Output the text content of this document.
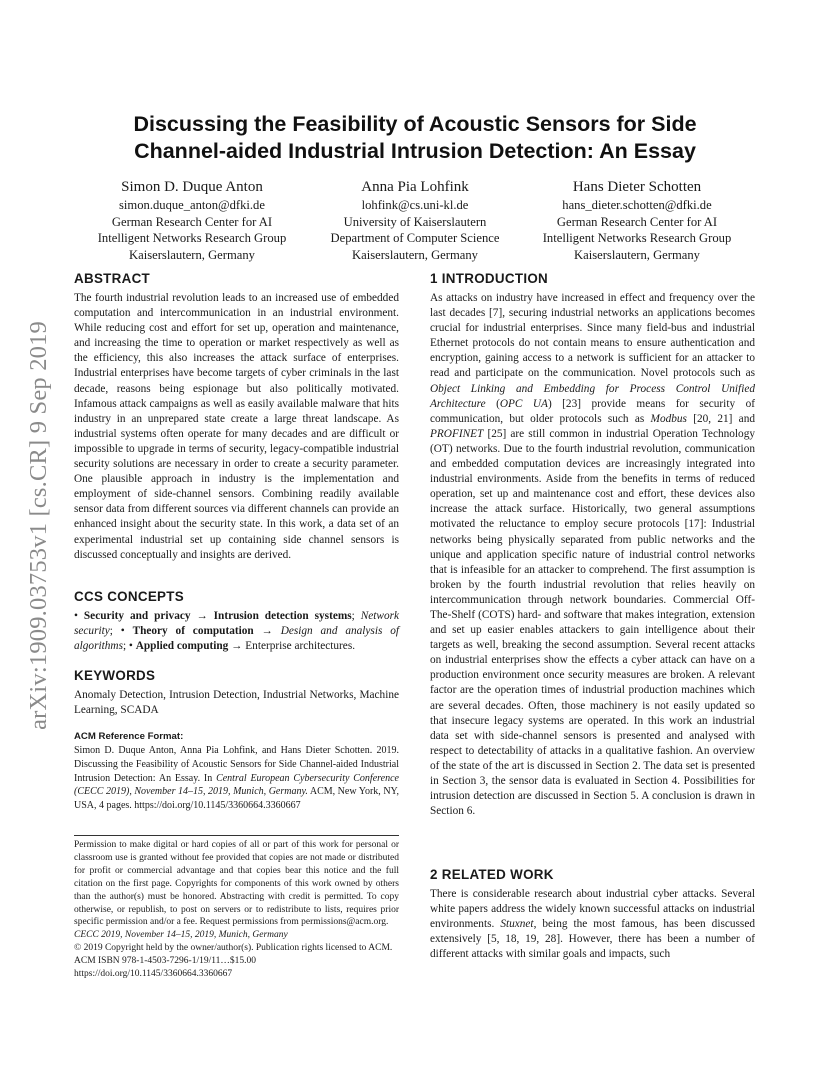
arXiv:1909.03753v1 [cs.CR] 9 Sep 2019
Discussing the Feasibility of Acoustic Sensors for Side
Channel-aided Industrial Intrusion Detection: An Essay
Simon D. Duque Anton
simon.duque_anton@dfki.de
German Research Center for AI
Intelligent Networks Research Group
Kaiserslautern, Germany
Anna Pia Lohfink
lohfink@cs.uni-kl.de
University of Kaiserslautern
Department of Computer Science
Kaiserslautern, Germany
Hans Dieter Schotten
hans_dieter.schotten@dfki.de
German Research Center for AI
Intelligent Networks Research Group
Kaiserslautern, Germany
ABSTRACT

The fourth industrial revolution leads to an increased use of embedded computation and intercommunication in an industrial environment. While reducing cost and effort for set up, operation and maintenance, and increasing the time to operation or market respectively as well as the efficiency, this also increases the attack surface of enterprises. Industrial enterprises have become targets of cyber criminals in the last decade, reasons being espionage but also politically motivated. Infamous attack campaigns as well as easily available malware that hits industry in an unprepared state create a large threat landscape. As industrial systems often operate for many decades and are difficult or impossible to upgrade in terms of security, legacy-compatible industrial security solutions are necessary in order to create a security parameter. One plausible approach in industry is the implementation and employment of side-channel sensors. Combining readily available sensor data from different sources via different channels can provide an enhanced insight about the security state. In this work, a data set of an experimental industrial set up containing side channel sensors is discussed conceptually and insights are derived.

CCS CONCEPTS

• Security and privacy → Intrusion detection systems; Network security; • Theory of computation → Design and analysis of algorithms; • Applied computing → Enterprise architectures.

KEYWORDS

Anomaly Detection, Intrusion Detection, Industrial Networks, Machine Learning, SCADA

ACM Reference Format:

Simon D. Duque Anton, Anna Pia Lohfink, and Hans Dieter Schotten. 2019. Discussing the Feasibility of Acoustic Sensors for Side Channel-aided Industrial Intrusion Detection: An Essay. In Central European Cybersecurity Conference (CECC 2019), November 14–15, 2019, Munich, Germany. ACM, New York, NY, USA, 4 pages. https://doi.org/10.1145/3360664.3360667

Permission to make digital or hard copies of all or part of this work for personal or classroom use is granted without fee provided that copies are not made or distributed for profit or commercial advantage and that copies bear this notice and the full citation on the first page. Copyrights for components of this work owned by others than the author(s) must be honored. Abstracting with credit is permitted. To copy otherwise, or republish, to post on servers or to redistribute to lists, requires prior specific permission and/or a fee. Request permissions from permissions@acm.org.
CECC 2019, November 14–15, 2019, Munich, Germany
© 2019 Copyright held by the owner/author(s). Publication rights licensed to ACM.
ACM ISBN 978-1-4503-7296-1/19/11…$15.00
https://doi.org/10.1145/3360664.3360667
1 INTRODUCTION

As attacks on industry have increased in effect and frequency over the last decades [7], securing industrial networks an applications becomes crucial for industrial enterprises. Since many field-bus and industrial Ethernet protocols do not contain means to ensure authentication and encryption, gaining access to a network is sufficient for an attacker to read and participate on the communication. Novel protocols such as Object Linking and Embedding for Process Control Unified Architecture (OPC UA) [23] provide means for security of communication, but older protocols such as Modbus [20, 21] and PROFINET [25] are still common in industrial Operation Technology (OT) networks. Due to the fourth industrial revolution, communication and embedded computation devices are increasingly integrated into industrial environments. Aside from the benefits in terms of reduced operation, set up and maintenance cost and effort, these devices also increase the attack surface. Historically, two general assumptions motivated the reluctance to employ secure protocols [17]: Industrial networks being physically separated from public networks and the unique and application specific nature of industrial control networks that is infeasible for an attacker to comprehend. The first assumption is broken by the fourth industrial revolution that relies heavily on intercommunication through network boundaries. Commercial Off-The-Shelf (COTS) hard- and software that makes integration, extension and set up easier enables attackers to gain intelligence about their targets as well, breaking the second assumption. Several recent attacks on industrial enterprises show the effects a cyber attack can have on a production environment once security measures are broken. A relevant factor are the operation times of industrial production machines which are several decades. Often, those machinery is not easily updated so that insecure legacy systems are operated. In this work an industrial data set with side-channel sensors is presented and analysed with respect to detectability of attacks in a qualitative fashion. An overview of the state of the art is discussed in Section 2. The data set is presented in Section 3, the sensor data is evaluated in Section 4. Possibilities for intrusion detection are discussed in Section 5. A conclusion is drawn in Section 6.

2 RELATED WORK

There is considerable research about industrial cyber attacks. Several white papers address the widely known successful attacks on industrial environments. Stuxnet, being the most famous, has been discussed extensively [5, 18, 19, 28]. However, there has been a number of different attacks with similar goals and impacts, such
